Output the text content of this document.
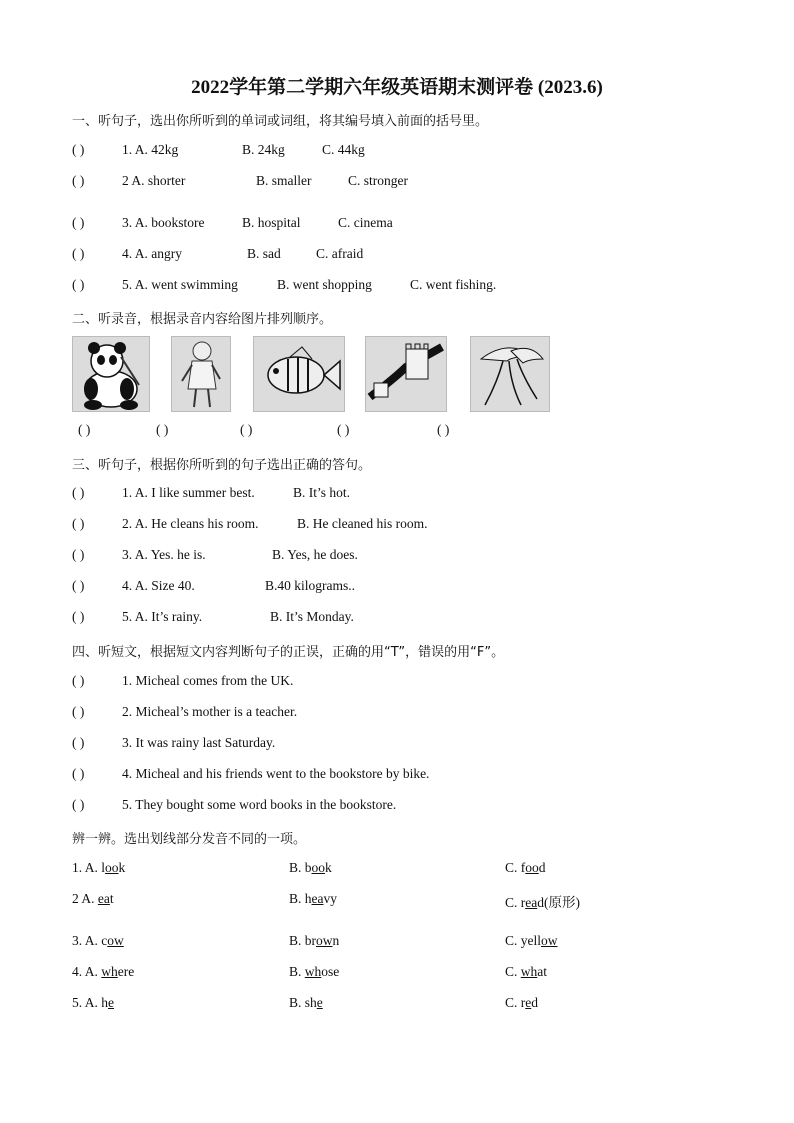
2022学年第二学期六年级英语期末测评卷 (2023.6)
一、听句子，选出你所听到的单词或词组，将其编号填入前面的括号里。
( )	1. A. 42kg	B. 24kg	C. 44kg
( )	2 A. shorter	B. smaller	C. stronger
( )	3. A. bookstore	B. hospital	C. cinema
( )	4. A. angry	B. sad	C. afraid
( )	5. A. went swimming	B. went shopping	C. went fishing.
二、听录音，根据录音内容给图片排列顺序。
( )	( )	( )	( )	( )
三、听句子，根据你所听到的句子选出正确的答句。
( )	1. A. I like summer best.	B. It’s hot.
( )	2. A. He cleans his room.	B. He cleaned his room.
( )	3. A. Yes. he is.	B. Yes, he does.
( )	4. A. Size 40.	B.40 kilograms..
( )	5. A. It’s rainy.	B. It’s Monday.
四、听短文，根据短文内容判断句子的正误，正确的用“T”，错误的用“F”。
( )	1. Micheal comes from the UK.
( )	2. Micheal’s mother is a teacher.
( )	3. It was rainy last Saturday.
( )	4. Micheal and his friends went to the bookstore by bike.
( )	5. They bought some word books in the bookstore.
辨一辨。选出划线部分发音不同的一项。
1. A. look	B. book	C. food
2 A. eat	B. heavy	C. read(原形)
3. A. cow	B. brown	C. yellow
4. A. where	B. whose	C. what
5. A. he	B. she	C. red
